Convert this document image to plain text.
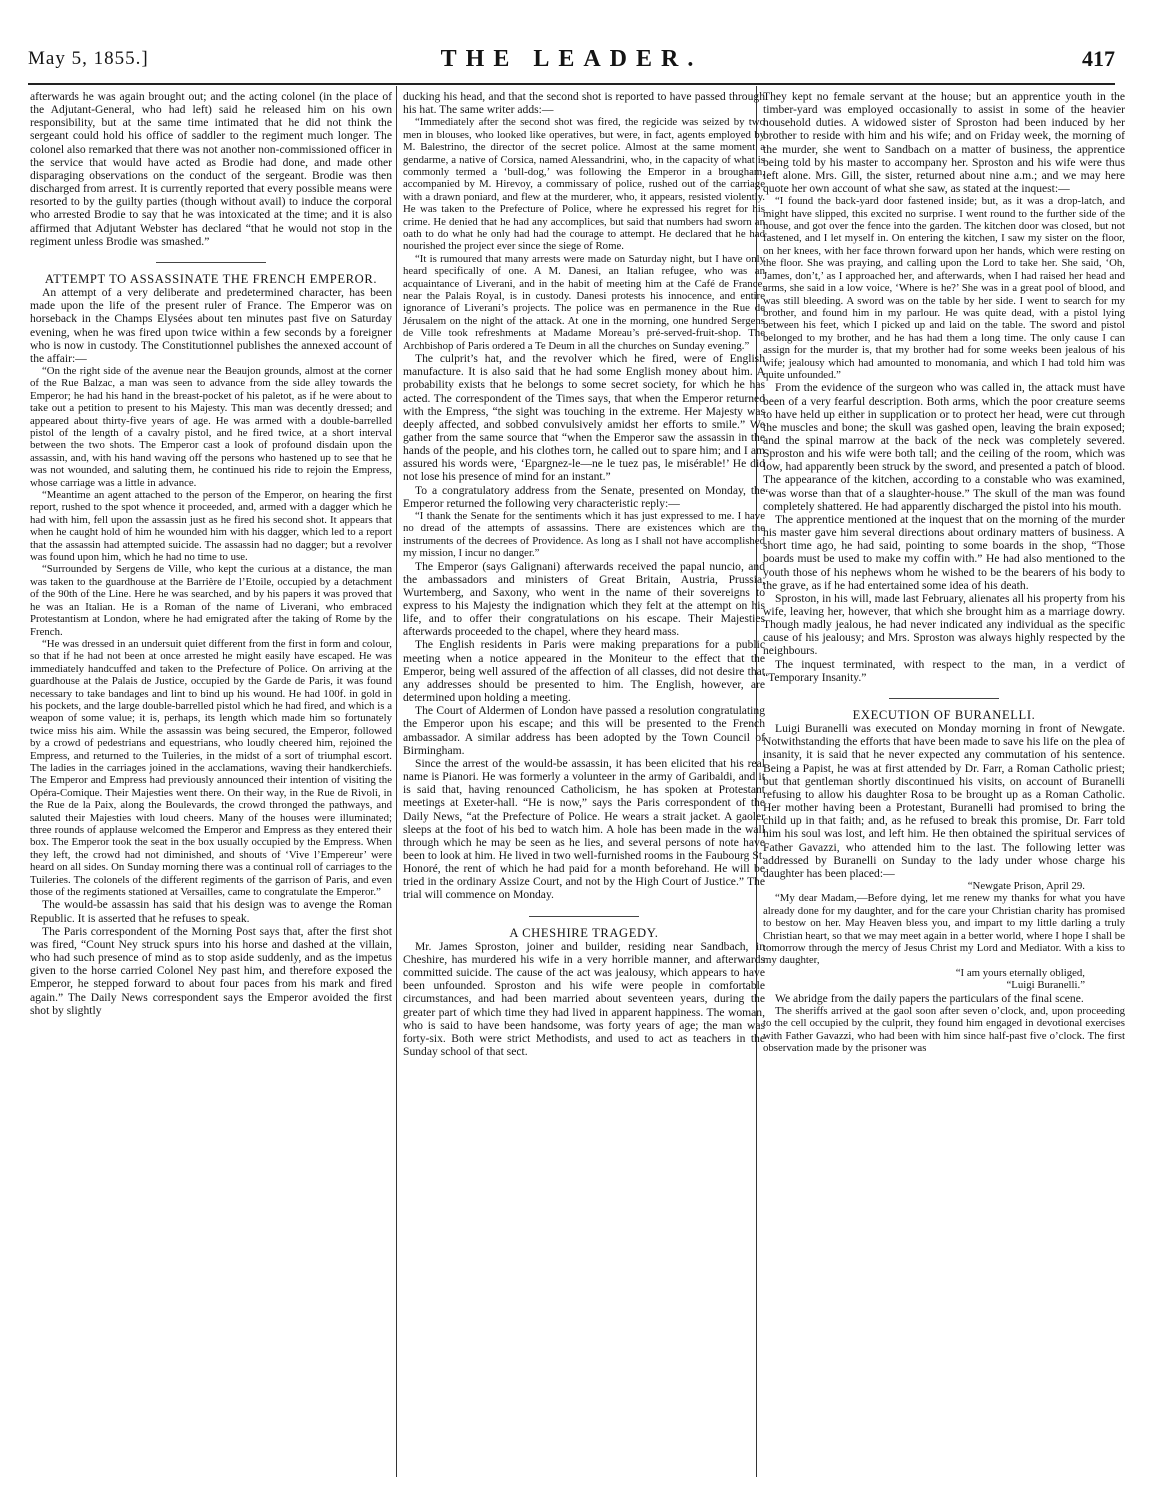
May 5, 1855.]	THE LEADER.	417

afterwards he was again brought out; and the acting colonel (in the place of the Adjutant-General, who had left) said he released him on his own responsibility, but at the same time intimated that he did not think the sergeant could hold his office of saddler to the regiment much longer. The colonel also remarked that there was not another non-commissioned officer in the service that would have acted as Brodie had done, and made other disparaging observations on the conduct of the sergeant. Brodie was then discharged from arrest. It is currently reported that every possible means were resorted to by the guilty parties (though without avail) to induce the corporal who arrested Brodie to say that he was intoxicated at the time; and it is also affirmed that Adjutant Webster has declared “that he would not stop in the regiment unless Brodie was smashed.”

ATTEMPT TO ASSASSINATE THE FRENCH EMPEROR.

An attempt of a very deliberate and predetermined character, has been made upon the life of the present ruler of France. The Emperor was on horseback in the Champs Elysées about ten minutes past five on Saturday evening, when he was fired upon twice within a few seconds by a foreigner who is now in custody. The Constitutionnel publishes the annexed account of the affair:—

“On the right side of the avenue near the Beaujon grounds, almost at the corner of the Rue Balzac, a man was seen to advance from the side alley towards the Emperor; he had his hand in the breast-pocket of his paletot, as if he were about to take out a petition to present to his Majesty. This man was decently dressed; and appeared about thirty-five years of age. He was armed with a double-barrelled pistol of the length of a cavalry pistol, and he fired twice, at a short interval between the two shots. The Emperor cast a look of profound disdain upon the assassin, and, with his hand waving off the persons who hastened up to see that he was not wounded, and saluting them, he continued his ride to rejoin the Empress, whose carriage was a little in advance.

“Meantime an agent attached to the person of the Emperor, on hearing the first report, rushed to the spot whence it proceeded, and, armed with a dagger which he had with him, fell upon the assassin just as he fired his second shot. It appears that when he caught hold of him he wounded him with his dagger, which led to a report that the assassin had attempted suicide. The assassin had no dagger; but a revolver was found upon him, which he had no time to use.

“Surrounded by Sergens de Ville, who kept the curious at a distance, the man was taken to the guardhouse at the Barrière de l’Etoile, occupied by a detachment of the 90th of the Line. Here he was searched, and by his papers it was proved that he was an Italian. He is a Roman of the name of Liverani, who embraced Protestantism at London, where he had emigrated after the taking of Rome by the French.

“He was dressed in an undersuit quiet different from the first in form and colour, so that if he had not been at once arrested he might easily have escaped. He was immediately handcuffed and taken to the Prefecture of Police. On arriving at the guardhouse at the Palais de Justice, occupied by the Garde de Paris, it was found necessary to take bandages and lint to bind up his wound. He had 100f. in gold in his pockets, and the large double-barrelled pistol which he had fired, and which is a weapon of some value; it is, perhaps, its length which made him so fortunately twice miss his aim. While the assassin was being secured, the Emperor, followed by a crowd of pedestrians and equestrians, who loudly cheered him, rejoined the Empress, and returned to the Tuileries, in the midst of a sort of triumphal escort. The ladies in the carriages joined in the acclamations, waving their handkerchiefs. The Emperor and Empress had previously announced their intention of visiting the Opéra-Comique. Their Majesties went there. On their way, in the Rue de Rivoli, in the Rue de la Paix, along the Boulevards, the crowd thronged the pathways, and saluted their Majesties with loud cheers. Many of the houses were illuminated; three rounds of applause welcomed the Emperor and Empress as they entered their box. The Emperor took the seat in the box usually occupied by the Empress. When they left, the crowd had not diminished, and shouts of ‘Vive l’Empereur’ were heard on all sides. On Sunday morning there was a continual roll of carriages to the Tuileries. The colonels of the different regiments of the garrison of Paris, and even those of the regiments stationed at Versailles, came to congratulate the Emperor.”

The would-be assassin has said that his design was to avenge the Roman Republic. It is asserted that he refuses to speak.

The Paris correspondent of the Morning Post says that, after the first shot was fired, “Count Ney struck spurs into his horse and dashed at the villain, who had such presence of mind as to stop aside suddenly, and as the impetus given to the horse carried Colonel Ney past him, and therefore exposed the Emperor, he stepped forward to about four paces from his mark and fired again.” The Daily News correspondent says the Emperor avoided the first shot by slightly

ducking his head, and that the second shot is reported to have passed through his hat. The same writer adds:—

“Immediately after the second shot was fired, the regicide was seized by two men in blouses, who looked like operatives, but were, in fact, agents employed by M. Balestrino, the director of the secret police. Almost at the same moment a gendarme, a native of Corsica, named Alessandrini, who, in the capacity of what is commonly termed a ‘bull-dog,’ was following the Emperor in a brougham, accompanied by M. Hirevoy, a commissary of police, rushed out of the carriage with a drawn poniard, and flew at the murderer, who, it appears, resisted violently. He was taken to the Prefecture of Police, where he expressed his regret for his crime. He denied that he had any accomplices, but said that numbers had sworn an oath to do what he only had had the courage to attempt. He declared that he had nourished the project ever since the siege of Rome.

“It is rumoured that many arrests were made on Saturday night, but I have only heard specifically of one. A M. Danesi, an Italian refugee, who was an acquaintance of Liverani, and in the habit of meeting him at the Café de France, near the Palais Royal, is in custody. Danesi protests his innocence, and entire ignorance of Liverani’s projects. The police was en permanence in the Rue de Jérusalem on the night of the attack. At one in the morning, one hundred Sergens de Ville took refreshments at Madame Moreau’s pré-served-fruit-shop. The Archbishop of Paris ordered a Te Deum in all the churches on Sunday evening.”

The culprit’s hat, and the revolver which he fired, were of English manufacture. It is also said that he had some English money about him. A probability exists that he belongs to some secret society, for which he has acted. The correspondent of the Times says, that when the Emperor returned with the Empress, “the sight was touching in the extreme. Her Majesty was deeply affected, and sobbed convulsively amidst her efforts to smile.” We gather from the same source that “when the Emperor saw the assassin in the hands of the people, and his clothes torn, he called out to spare him; and I am assured his words were, ‘Epargnez-le—ne le tuez pas, le misérable!’ He did not lose his presence of mind for an instant.”

To a congratulatory address from the Senate, presented on Monday, the Emperor returned the following very characteristic reply:—

“I thank the Senate for the sentiments which it has just expressed to me. I have no dread of the attempts of assassins. There are existences which are the instruments of the decrees of Providence. As long as I shall not have accomplished my mission, I incur no danger.”

The Emperor (says Galignani) afterwards received the papal nuncio, and the ambassadors and ministers of Great Britain, Austria, Prussia, Wurtemberg, and Saxony, who went in the name of their sovereigns to express to his Majesty the indignation which they felt at the attempt on his life, and to offer their congratulations on his escape. Their Majesties afterwards proceeded to the chapel, where they heard mass.

The English residents in Paris were making preparations for a public meeting when a notice appeared in the Moniteur to the effect that the Emperor, being well assured of the affection of all classes, did not desire that any addresses should be presented to him. The English, however, are determined upon holding a meeting.

The Court of Aldermen of London have passed a resolution congratulating the Emperor upon his escape; and this will be presented to the French ambassador. A similar address has been adopted by the Town Council of Birmingham.

Since the arrest of the would-be assassin, it has been elicited that his real name is Pianori. He was formerly a volunteer in the army of Garibaldi, and it is said that, having renounced Catholicism, he has spoken at Protestant meetings at Exeter-hall. “He is now,” says the Paris correspondent of the Daily News, “at the Prefecture of Police. He wears a strait jacket. A gaoler sleeps at the foot of his bed to watch him. A hole has been made in the wall through which he may be seen as he lies, and several persons of note have been to look at him. He lived in two well-furnished rooms in the Faubourg St. Honoré, the rent of which he had paid for a month beforehand. He will be tried in the ordinary Assize Court, and not by the High Court of Justice.” The trial will commence on Monday.

A CHESHIRE TRAGEDY.

Mr. James Sproston, joiner and builder, residing near Sandbach, in Cheshire, has murdered his wife in a very horrible manner, and afterwards committed suicide. The cause of the act was jealousy, which appears to have been unfounded. Sproston and his wife were people in comfortable circumstances, and had been married about seventeen years, during the greater part of which time they had lived in apparent happiness. The woman, who is said to have been handsome, was forty years of age; the man was forty-six. Both were strict Methodists, and used to act as teachers in the Sunday school of that sect.

They kept no female servant at the house; but an apprentice youth in the timber-yard was employed occasionally to assist in some of the heavier household duties. A widowed sister of Sproston had been induced by her brother to reside with him and his wife; and on Friday week, the morning of the murder, she went to Sandbach on a matter of business, the apprentice being told by his master to accompany her. Sproston and his wife were thus left alone. Mrs. Gill, the sister, returned about nine a.m.; and we may here quote her own account of what she saw, as stated at the inquest:—

“I found the back-yard door fastened inside; but, as it was a drop-latch, and might have slipped, this excited no surprise. I went round to the further side of the house, and got over the fence into the garden. The kitchen door was closed, but not fastened, and I let myself in. On entering the kitchen, I saw my sister on the floor, on her knees, with her face thrown forward upon her hands, which were resting on the floor. She was praying, and calling upon the Lord to take her. She said, ‘Oh, James, don’t,’ as I approached her, and afterwards, when I had raised her head and arms, she said in a low voice, ‘Where is he?’ She was in a great pool of blood, and was still bleeding. A sword was on the table by her side. I went to search for my brother, and found him in my parlour. He was quite dead, with a pistol lying between his feet, which I picked up and laid on the table. The sword and pistol belonged to my brother, and he has had them a long time. The only cause I can assign for the murder is, that my brother had for some weeks been jealous of his wife; jealousy which had amounted to monomania, and which I had told him was quite unfounded.”

From the evidence of the surgeon who was called in, the attack must have been of a very fearful description. Both arms, which the poor creature seems to have held up either in supplication or to protect her head, were cut through the muscles and bone; the skull was gashed open, leaving the brain exposed; and the spinal marrow at the back of the neck was completely severed. Sproston and his wife were both tall; and the ceiling of the room, which was low, had apparently been struck by the sword, and presented a patch of blood. The appearance of the kitchen, according to a constable who was examined, “was worse than that of a slaughter-house.” The skull of the man was found completely shattered. He had apparently discharged the pistol into his mouth.

The apprentice mentioned at the inquest that on the morning of the murder his master gave him several directions about ordinary matters of business. A short time ago, he had said, pointing to some boards in the shop, “Those boards must be used to make my coffin with.” He had also mentioned to the youth those of his nephews whom he wished to be the bearers of his body to the grave, as if he had entertained some idea of his death.

Sproston, in his will, made last February, alienates all his property from his wife, leaving her, however, that which she brought him as a marriage dowry. Though madly jealous, he had never indicated any individual as the specific cause of his jealousy; and Mrs. Sproston was always highly respected by the neighbours.

The inquest terminated, with respect to the man, in a verdict of “Temporary Insanity.”

EXECUTION OF BURANELLI.

Luigi Buranelli was executed on Monday morning in front of Newgate. Notwithstanding the efforts that have been made to save his life on the plea of insanity, it is said that he never expected any commutation of his sentence. Being a Papist, he was at first attended by Dr. Farr, a Roman Catholic priest; but that gentleman shortly discontinued his visits, on account of Buranelli refusing to allow his daughter Rosa to be brought up as a Roman Catholic. Her mother having been a Protestant, Buranelli had promised to bring the child up in that faith; and, as he refused to break this promise, Dr. Farr told him his soul was lost, and left him. He then obtained the spiritual services of Father Gavazzi, who attended him to the last. The following letter was addressed by Buranelli on Sunday to the lady under whose charge his daughter has been placed:—

“Newgate Prison, April 29.

“My dear Madam,—Before dying, let me renew my thanks for what you have already done for my daughter, and for the care your Christian charity has promised to bestow on her. May Heaven bless you, and impart to my little darling a truly Christian heart, so that we may meet again in a better world, where I hope I shall be tomorrow through the mercy of Jesus Christ my Lord and Mediator. With a kiss to my daughter,

“I am yours eternally obliged,

“Luigi Buranelli.”

We abridge from the daily papers the particulars of the final scene.

The sheriffs arrived at the gaol soon after seven o’clock, and, upon proceeding to the cell occupied by the culprit, they found him engaged in devotional exercises with Father Gavazzi, who had been with him since half-past five o’clock. The first observation made by the prisoner was
